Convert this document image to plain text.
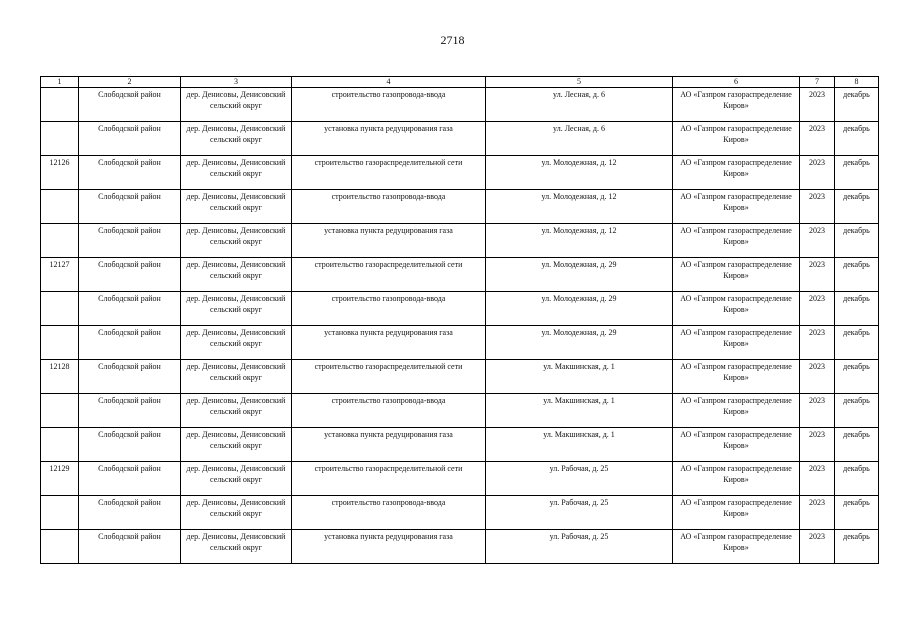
2718
1	2	3	4	5	6	7	8
	Слободской район	дер. Денисовы, Денисовский сельский округ	строительство газопровода-ввода	ул. Лесная, д. 6	АО «Газпром газораспределение Киров»	2023	декабрь
	Слободской район	дер. Денисовы, Денисовский сельский округ	установка пункта редуцирования газа	ул. Лесная, д. 6	АО «Газпром газораспределение Киров»	2023	декабрь
12126	Слободской район	дер. Денисовы, Денисовский сельский округ	строительство газораспределительной сети	ул. Молодежная, д. 12	АО «Газпром газораспределение Киров»	2023	декабрь
	Слободской район	дер. Денисовы, Денисовский сельский округ	строительство газопровода-ввода	ул. Молодежная, д. 12	АО «Газпром газораспределение Киров»	2023	декабрь
	Слободской район	дер. Денисовы, Денисовский сельский округ	установка пункта редуцирования газа	ул. Молодежная, д. 12	АО «Газпром газораспределение Киров»	2023	декабрь
12127	Слободской район	дер. Денисовы, Денисовский сельский округ	строительство газораспределительной сети	ул. Молодежная, д. 29	АО «Газпром газораспределение Киров»	2023	декабрь
	Слободской район	дер. Денисовы, Денисовский сельский округ	строительство газопровода-ввода	ул. Молодежная, д. 29	АО «Газпром газораспределение Киров»	2023	декабрь
	Слободской район	дер. Денисовы, Денисовский сельский округ	установка пункта редуцирования газа	ул. Молодежная, д. 29	АО «Газпром газораспределение Киров»	2023	декабрь
12128	Слободской район	дер. Денисовы, Денисовский сельский округ	строительство газораспределительной сети	ул. Макшинская, д. 1	АО «Газпром газораспределение Киров»	2023	декабрь
	Слободской район	дер. Денисовы, Денисовский сельский округ	строительство газопровода-ввода	ул. Макшинская, д. 1	АО «Газпром газораспределение Киров»	2023	декабрь
	Слободской район	дер. Денисовы, Денисовский сельский округ	установка пункта редуцирования газа	ул. Макшинская, д. 1	АО «Газпром газораспределение Киров»	2023	декабрь
12129	Слободской район	дер. Денисовы, Денисовский сельский округ	строительство газораспределительной сети	ул. Рабочая, д. 25	АО «Газпром газораспределение Киров»	2023	декабрь
	Слободской район	дер. Денисовы, Денисовский сельский округ	строительство газопровода-ввода	ул. Рабочая, д. 25	АО «Газпром газораспределение Киров»	2023	декабрь
	Слободской район	дер. Денисовы, Денисовский сельский округ	установка пункта редуцирования газа	ул. Рабочая, д. 25	АО «Газпром газораспределение Киров»	2023	декабрь
